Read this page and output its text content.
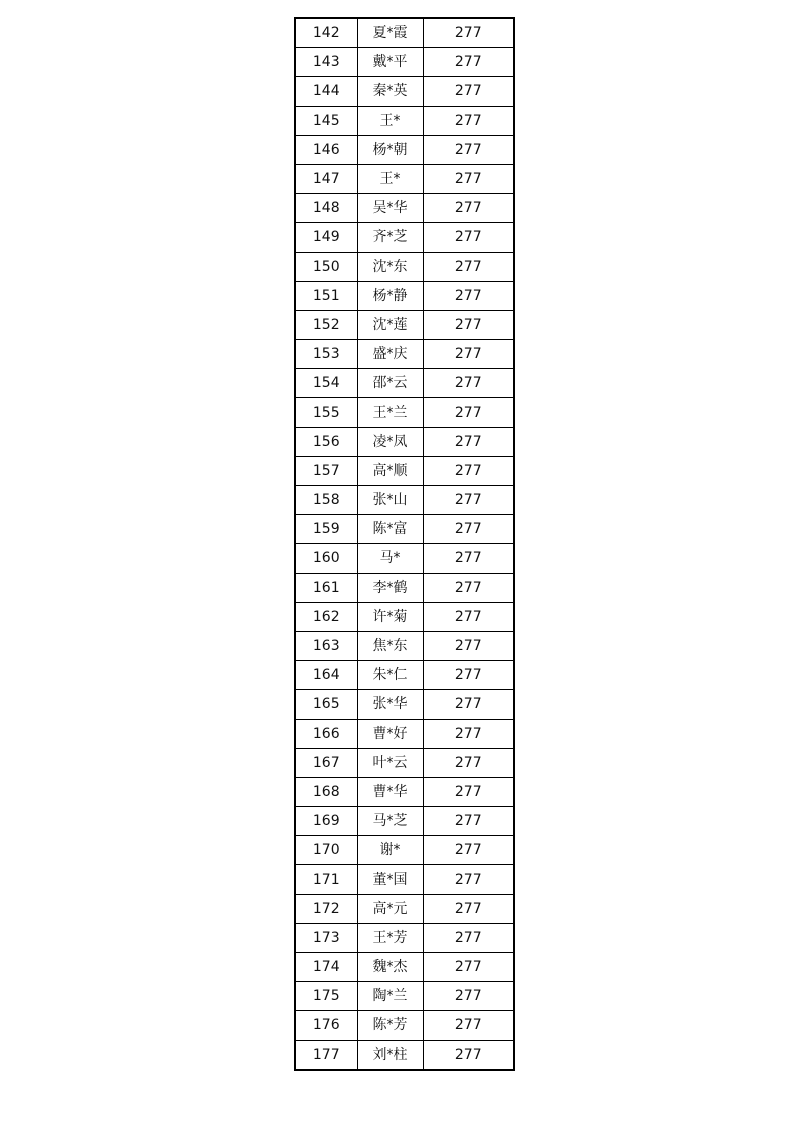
142	夏*霞	277
143	戴*平	277
144	秦*英	277
145	王*	277
146	杨*朝	277
147	王*	277
148	吴*华	277
149	齐*芝	277
150	沈*东	277
151	杨*静	277
152	沈*莲	277
153	盛*庆	277
154	邵*云	277
155	王*兰	277
156	凌*凤	277
157	高*顺	277
158	张*山	277
159	陈*富	277
160	马*	277
161	李*鹤	277
162	许*菊	277
163	焦*东	277
164	朱*仁	277
165	张*华	277
166	曹*好	277
167	叶*云	277
168	曹*华	277
169	马*芝	277
170	谢*	277
171	董*国	277
172	高*元	277
173	王*芳	277
174	魏*杰	277
175	陶*兰	277
176	陈*芳	277
177	刘*柱	277
